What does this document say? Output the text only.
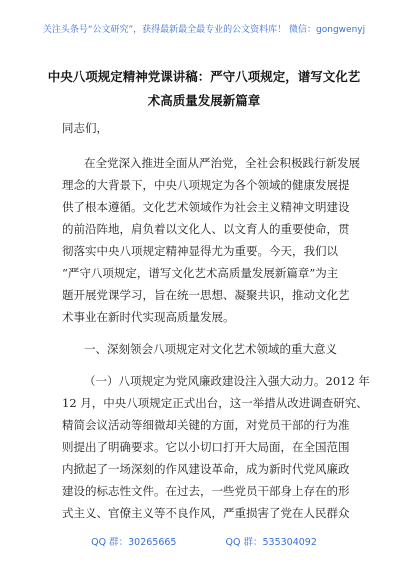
关注头条号“公文研究”，获得最新最全最专业的公文资料库！ 微信：gongwenyj
中央八项规定精神党课讲稿：严守八项规定，谱写文化艺
术高质量发展新篇章
同志们，
在全党深入推进全面从严治党，全社会积极践行新发展
理念的大背景下，中央八项规定为各个领域的健康发展提
供了根本遵循。文化艺术领域作为社会主义精神文明建设
的前沿阵地，肩负着以文化人、以文育人的重要使命，贯
彻落实中央八项规定精神显得尤为重要。今天，我们以
“严守八项规定，谱写文化艺术高质量发展新篇章”为主
题开展党课学习，旨在统一思想、凝聚共识，推动文化艺
术事业在新时代实现高质量发展。
一、深刻领会八项规定对文化艺术领域的重大意义
（一）八项规定为党风廉政建设注入强大动力。2012 年
12 月，中央八项规定正式出台，这一举措从改进调查研究、
精简会议活动等细微却关键的方面，对党员干部的行为准
则提出了明确要求。它以小切口打开大局面，在全国范围
内掀起了一场深刻的作风建设革命，成为新时代党风廉政
建设的标志性文件。在过去，一些党员干部身上存在的形
式主义、官僚主义等不良作风，严重损害了党在人民群众
QQ 群：30265665	QQ 群：535304092
